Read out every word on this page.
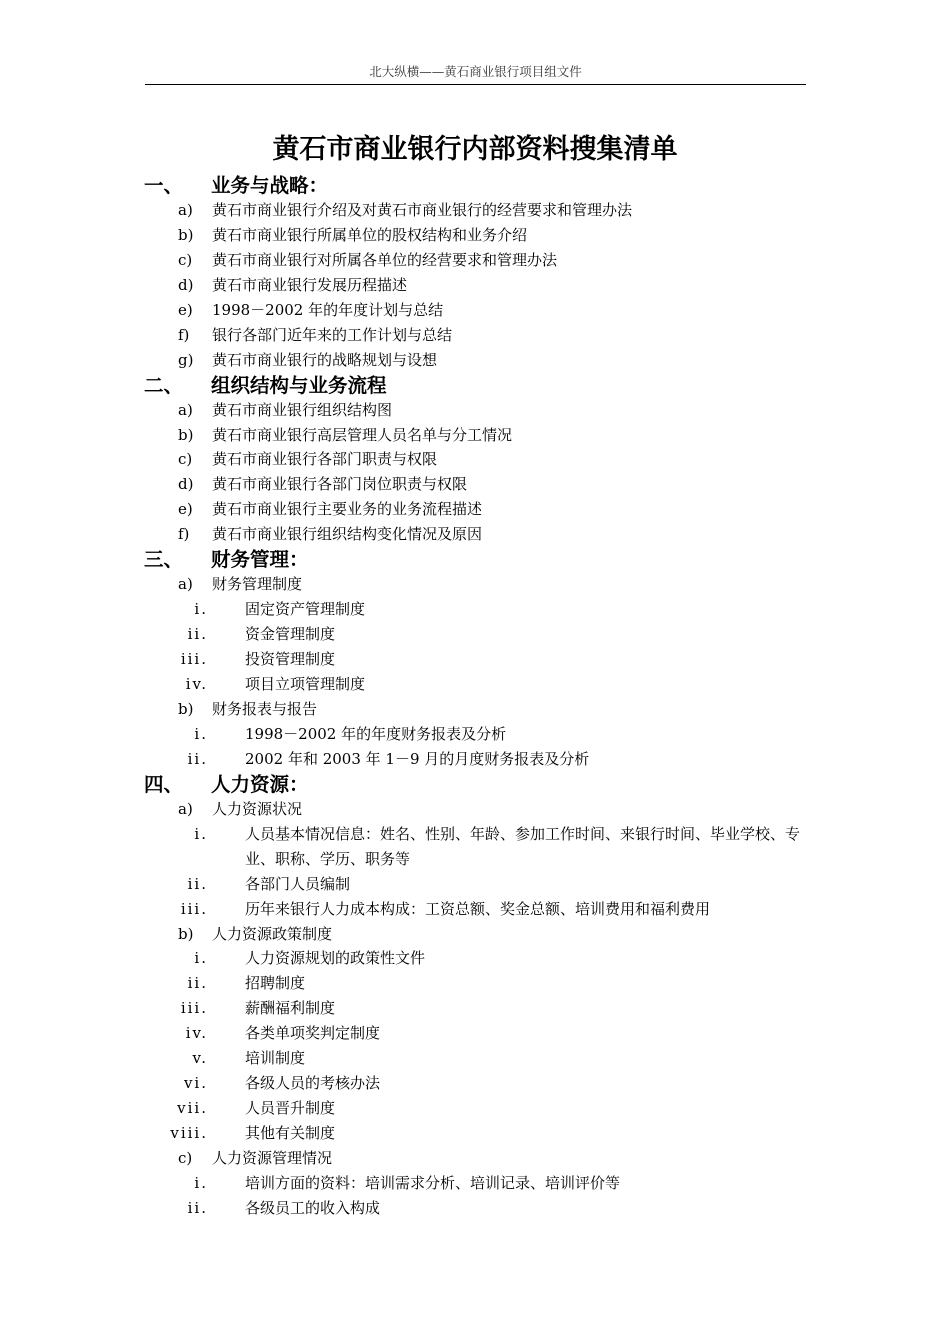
北大纵横——黄石商业银行项目组文件
黄石市商业银行内部资料搜集清单
一、 业务与战略：
a) 黄石市商业银行介绍及对黄石市商业银行的经营要求和管理办法
b) 黄石市商业银行所属单位的股权结构和业务介绍
c) 黄石市商业银行对所属各单位的经营要求和管理办法
d) 黄石市商业银行发展历程描述
e) 1998－2002 年的年度计划与总结
f) 银行各部门近年来的工作计划与总结
g) 黄石市商业银行的战略规划与设想
二、 组织结构与业务流程
a) 黄石市商业银行组织结构图
b) 黄石市商业银行高层管理人员名单与分工情况
c) 黄石市商业银行各部门职责与权限
d) 黄石市商业银行各部门岗位职责与权限
e) 黄石市商业银行主要业务的业务流程描述
f) 黄石市商业银行组织结构变化情况及原因
三、 财务管理：
a) 财务管理制度
i. 固定资产管理制度
ii. 资金管理制度
iii. 投资管理制度
iv. 项目立项管理制度
b) 财务报表与报告
i. 1998－2002 年的年度财务报表及分析
ii. 2002 年和 2003 年 1－9 月的月度财务报表及分析
四、 人力资源：
a) 人力资源状况
i. 人员基本情况信息：姓名、性别、年龄、参加工作时间、来银行时间、毕业学校、专业、职称、学历、职务等
ii. 各部门人员编制
iii. 历年来银行人力成本构成：工资总额、奖金总额、培训费用和福利费用
b) 人力资源政策制度
i. 人力资源规划的政策性文件
ii. 招聘制度
iii. 薪酬福利制度
iv. 各类单项奖判定制度
v. 培训制度
vi. 各级人员的考核办法
vii. 人员晋升制度
viii. 其他有关制度
c) 人力资源管理情况
i. 培训方面的资料：培训需求分析、培训记录、培训评价等
ii. 各级员工的收入构成
